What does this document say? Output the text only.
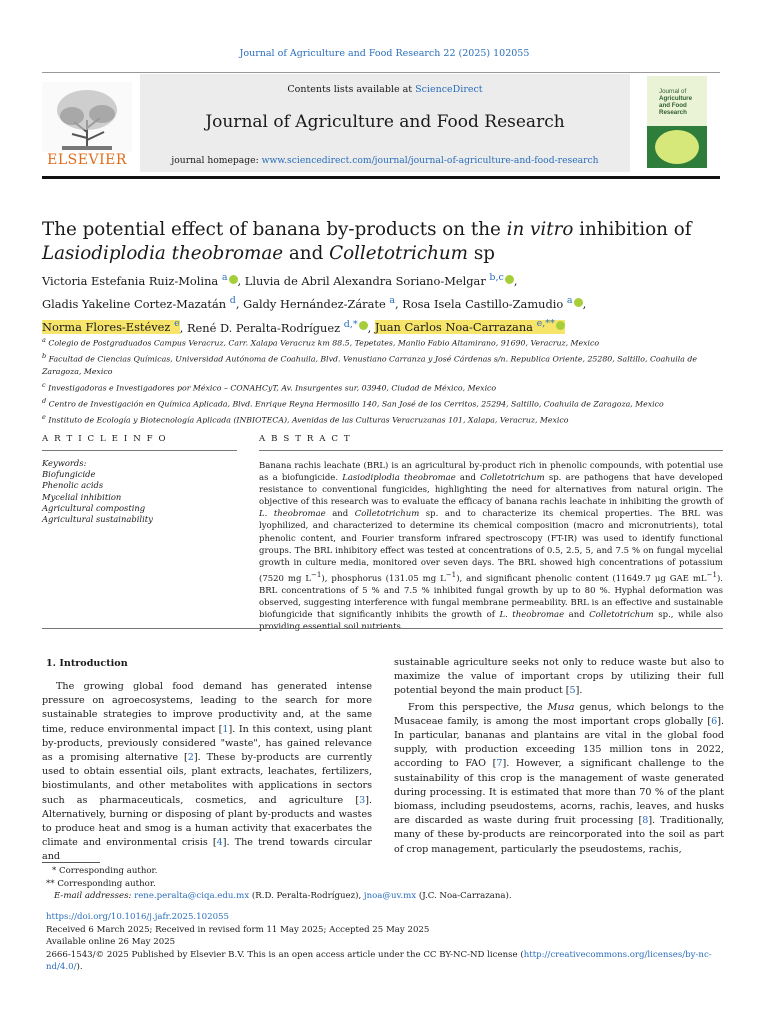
Journal of Agriculture and Food Research 22 (2025) 102055
Contents lists available at ScienceDirect
Journal of Agriculture and Food Research
journal homepage: www.sciencedirect.com/journal/journal-of-agriculture-and-food-research
ELSEVIER
Journal of
Agriculture
and Food
Research
The potential effect of banana by-products on the in vitro inhibition of
Lasiodiplodia theobromae and Colletotrichum sp
Victoria Estefania Ruiz-Molina $^a$ , Lluvia de Abril Alexandra Soriano-Melgar $^{b,c}$ ,
Gladis Yakeline Cortez-Mazatán $^d$, Galdy Hernández-Zárate $^a$, Rosa Isela Castillo-Zamudio $^a$ ,
Norma Flores-Estévez $^e$, René D. Peralta-Rodríguez $^{d,*}$ , Juan Carlos Noa-Carrazana $^{e,**}$
$^a$ Colegio de Postgraduados Campus Veracruz, Carr. Xalapa Veracruz km 88.5, Tepetates, Manlio Fabio Altamirano, 91690, Veracruz, Mexico
$^b$ Facultad de Ciencias Químicas, Universidad Autónoma de Coahuila, Blvd. Venustiano Carranza y José Cárdenas s/n. Republica Oriente, 25280, Saltillo, Coahuila de Zaragoza, Mexico
$^c$ Investigadoras e Investigadores por México – CONAHCyT, Av. Insurgentes sur, 03940, Ciudad de México, Mexico
$^d$ Centro de Investigación en Química Aplicada, Blvd. Enrique Reyna Hermosillo 140, San José de los Cerritos, 25294, Saltillo, Coahuila de Zaragoza, Mexico
$^e$ Instituto de Ecología y Biotecnología Aplicada (INBIOTECA), Avenidas de las Culturas Veracruzanas 101, Xalapa, Veracruz, Mexico
A R T I C L E I N F O	A B S T R A C T
Keywords:
Biofungicide
Phenolic acids
Mycelial inhibition
Agricultural composting
Agricultural sustainability
Banana rachis leachate (BRL) is an agricultural by-product rich in phenolic compounds, with potential use as a biofungicide. Lasiodiplodia theobromae and Colletotrichum sp. are pathogens that have developed resistance to conventional fungicides, highlighting the need for alternatives from natural origin. The objective of this research was to evaluate the efficacy of banana rachis leachate in inhibiting the growth of L. theobromae and Colletotrichum sp. and to characterize its chemical properties. The BRL was lyophilized, and characterized to determine its chemical composition (macro and micronutrients), total phenolic content, and Fourier transform infrared spectroscopy (FT-IR) was used to identify functional groups. The BRL inhibitory effect was tested at concentrations of 0.5, 2.5, 5, and 7.5 % on fungal mycelial growth in culture media, monitored over seven days. The BRL showed high concentrations of potassium (7520 mg $L^{-1}$), phosphorus (131.05 mg $L^{-1}$), and significant phenolic content (11649.7 μg GAE $mL^{-1}$). BRL concentrations of 5 % and 7.5 % inhibited fungal growth by up to 80 %. Hyphal deformation was observed, suggesting interference with fungal membrane permeability. BRL is an effective and sustainable biofungicide that significantly inhibits the growth of L. theobromae and Colletotrichum sp., while also
1. Introduction
The growing global food demand has generated intense pressure on agroecosystems, leading to the search for more sustainable strategies to improve productivity and, at the same time, reduce environmental impact [1]. In this context, using plant by-products, previously considered "waste", has gained relevance as a promising alternative [2]. These by-products are currently used to obtain essential oils, plant extracts, leachates, fertilizers, biostimulants, and other metabolites with applications in sectors such as pharmaceuticals, cosmetics, and agriculture [3]. Alternatively, burning or disposing of plant by-products and wastes to produce heat and smog is a human activity that exacerbates the climate and environmental crisis [4]. The trend towards circular and
sustainable agriculture seeks not only to reduce waste but also to maximize the value of important crops by utilizing their full potential beyond the main product [5].
From this perspective, the Musa genus, which belongs to the Musaceae family, is among the most important crops globally [6]. In particular, bananas and plantains are vital in the global food supply, with production exceeding 135 million tons in 2022, according to FAO [7]. However, a significant challenge to the sustainability of this crop is the management of waste generated during processing. It is estimated that more than 70 % of the plant biomass, including pseudostems, acorns, rachis, leaves, and husks are discarded as waste during fruit processing [8]. Traditionally, many of these by-products are reincorporated into the soil as part of crop management, particularly the pseudostems, rachis,
* Corresponding author.
** Corresponding author.
E-mail addresses: rene.peralta@ciqa.edu.mx (R.D. Peralta-Rodríguez), jnoa@uv.mx (J.C. Noa-Carrazana).
https://doi.org/10.1016/j.jafr.2025.102055
Received 6 March 2025; Received in revised form 11 May 2025; Accepted 25 May 2025
Available online 26 May 2025
2666-1543/© 2025 Published by Elsevier B.V. This is an open access article under the CC BY-NC-ND license (http://creativecommons.org/licenses/by-nc-nd/4.0/).
